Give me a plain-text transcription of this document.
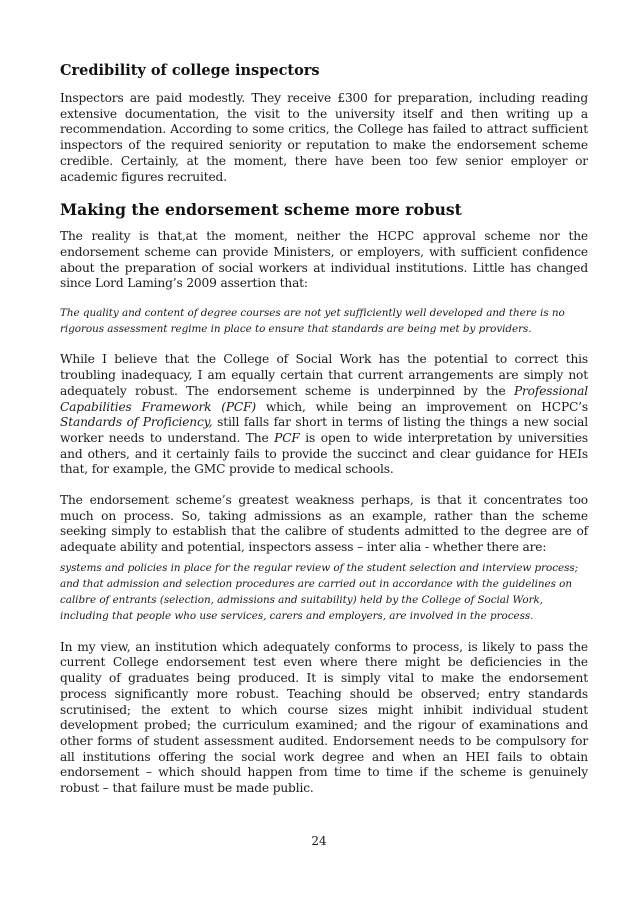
Credibility of college inspectors

Inspectors are paid modestly. They receive £300 for preparation, including reading extensive documentation, the visit to the university itself and then writing up a recommendation. According to some critics, the College has failed to attract sufficient inspectors of the required seniority or reputation to make the endorsement scheme credible. Certainly, at the moment, there have been too few senior employer or academic figures recruited.

Making the endorsement scheme more robust

The reality is that,at the moment, neither the HCPC approval scheme nor the endorsement scheme can provide Ministers, or employers, with sufficient confidence about the preparation of social workers at individual institutions. Little has changed since Lord Laming’s 2009 assertion that:

The quality and content of degree courses are not yet sufficiently well developed and there is no rigorous assessment regime in place to ensure that standards are being met by providers.

While I believe that the College of Social Work has the potential to correct this troubling inadequacy, I am equally certain that current arrangements are simply not adequately robust. The endorsement scheme is underpinned by the Professional Capabilities Framework (PCF) which, while being an improvement on HCPC’s Standards of Proficiency, still falls far short in terms of listing the things a new social worker needs to understand. The PCF is open to wide interpretation by universities and others, and it certainly fails to provide the succinct and clear guidance for HEIs that, for example, the GMC provide to medical schools.

The endorsement scheme’s greatest weakness perhaps, is that it concentrates too much on process. So, taking admissions as an example, rather than the scheme seeking simply to establish that the calibre of students admitted to the degree are of adequate ability and potential, inspectors assess – inter alia - whether there are:

systems and policies in place for the regular review of the student selection and interview process;

and that admission and selection procedures are carried out in accordance with the guidelines on calibre of entrants (selection, admissions and suitability) held by the College of Social Work, including that people who use services, carers and employers, are involved in the process.

In my view, an institution which adequately conforms to process, is likely to pass the current College endorsement test even where there might be deficiencies in the quality of graduates being produced. It is simply vital to make the endorsement process significantly more robust. Teaching should be observed; entry standards scrutinised; the extent to which course sizes might inhibit individual student development probed; the curriculum examined; and the rigour of examinations and other forms of student assessment audited. Endorsement needs to be compulsory for all institutions offering the social work degree and when an HEI fails to obtain endorsement – which should happen from time to time if the scheme is genuinely robust – that failure must be made public.

24
